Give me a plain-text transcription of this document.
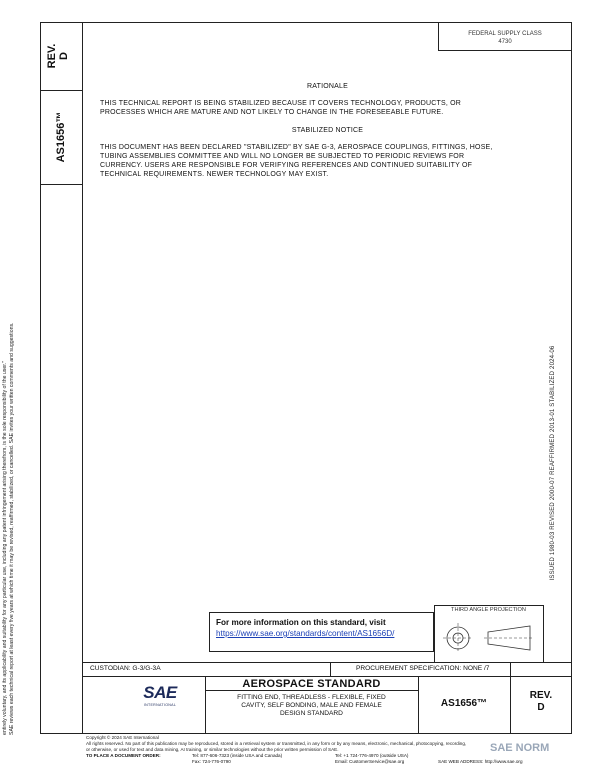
FEDERAL SUPPLY CLASS
4730
REV. D
AS1656™
entirely voluntary, and its applicability and suitability for any particular use, including any patent infringement arising therefrom, is the sole responsibility of the user." SAE reviews each technical report at least every five years at which time it may be revised, reaffirmed, stabilized, or cancelled. SAE invites your written comments and suggestions.
RATIONALE
THIS TECHNICAL REPORT IS BEING STABILIZED BECAUSE IT COVERS TECHNOLOGY, PRODUCTS, OR
PROCESSES WHICH ARE MATURE AND NOT LIKELY TO CHANGE IN THE FORESEEABLE FUTURE.
STABILIZED NOTICE
THIS DOCUMENT HAS BEEN DECLARED "STABILIZED" BY SAE G-3, AEROSPACE COUPLINGS, FITTINGS, HOSE,
TUBING ASSEMBLIES COMMITTEE AND WILL NO LONGER BE SUBJECTED TO PERIODIC REVIEWS FOR
CURRENCY. USERS ARE RESPONSIBLE FOR VERIFYING REFERENCES AND CONTINUED SUITABILITY OF
TECHNICAL REQUIREMENTS. NEWER TECHNOLOGY MAY EXIST.
ISSUED 1980-03 REVISED 2000-07 REAFFIRMED 2013-01 STABILIZED 2024-06
THIRD ANGLE PROJECTION
For more information on this standard, visit
https://www.sae.org/standards/content/AS1656D/
CUSTODIAN: G-3/G-3A	PROCUREMENT SPECIFICATION: NONE /7
SAE
INTERNATIONAL
AEROSPACE STANDARD
FITTING END, THREADLESS - FLEXIBLE, FIXED
CAVITY, SELF BONDING, MALE AND FEMALE
DESIGN STANDARD
AS1656™
REV.
D
Copyright © 2024 SAE International
All rights reserved. No part of this publication may be reproduced, stored in a retrieval system or transmitted, in any form or by any means, electronic, mechanical, photocopying, recording,
or otherwise, or used for text and data mining, AI training, or similar technologies without the prior written permission of SAE.
TO PLACE A DOCUMENT ORDER:	Tel: 877-606-7323 (inside USA and Canada)	Tel: +1 724-776-4970 (outside USA)
Fax: 724-776-0790	Email: CustomerService@sae.org	SAE WEB ADDRESS: http://www.sae.org
SAE NORM
